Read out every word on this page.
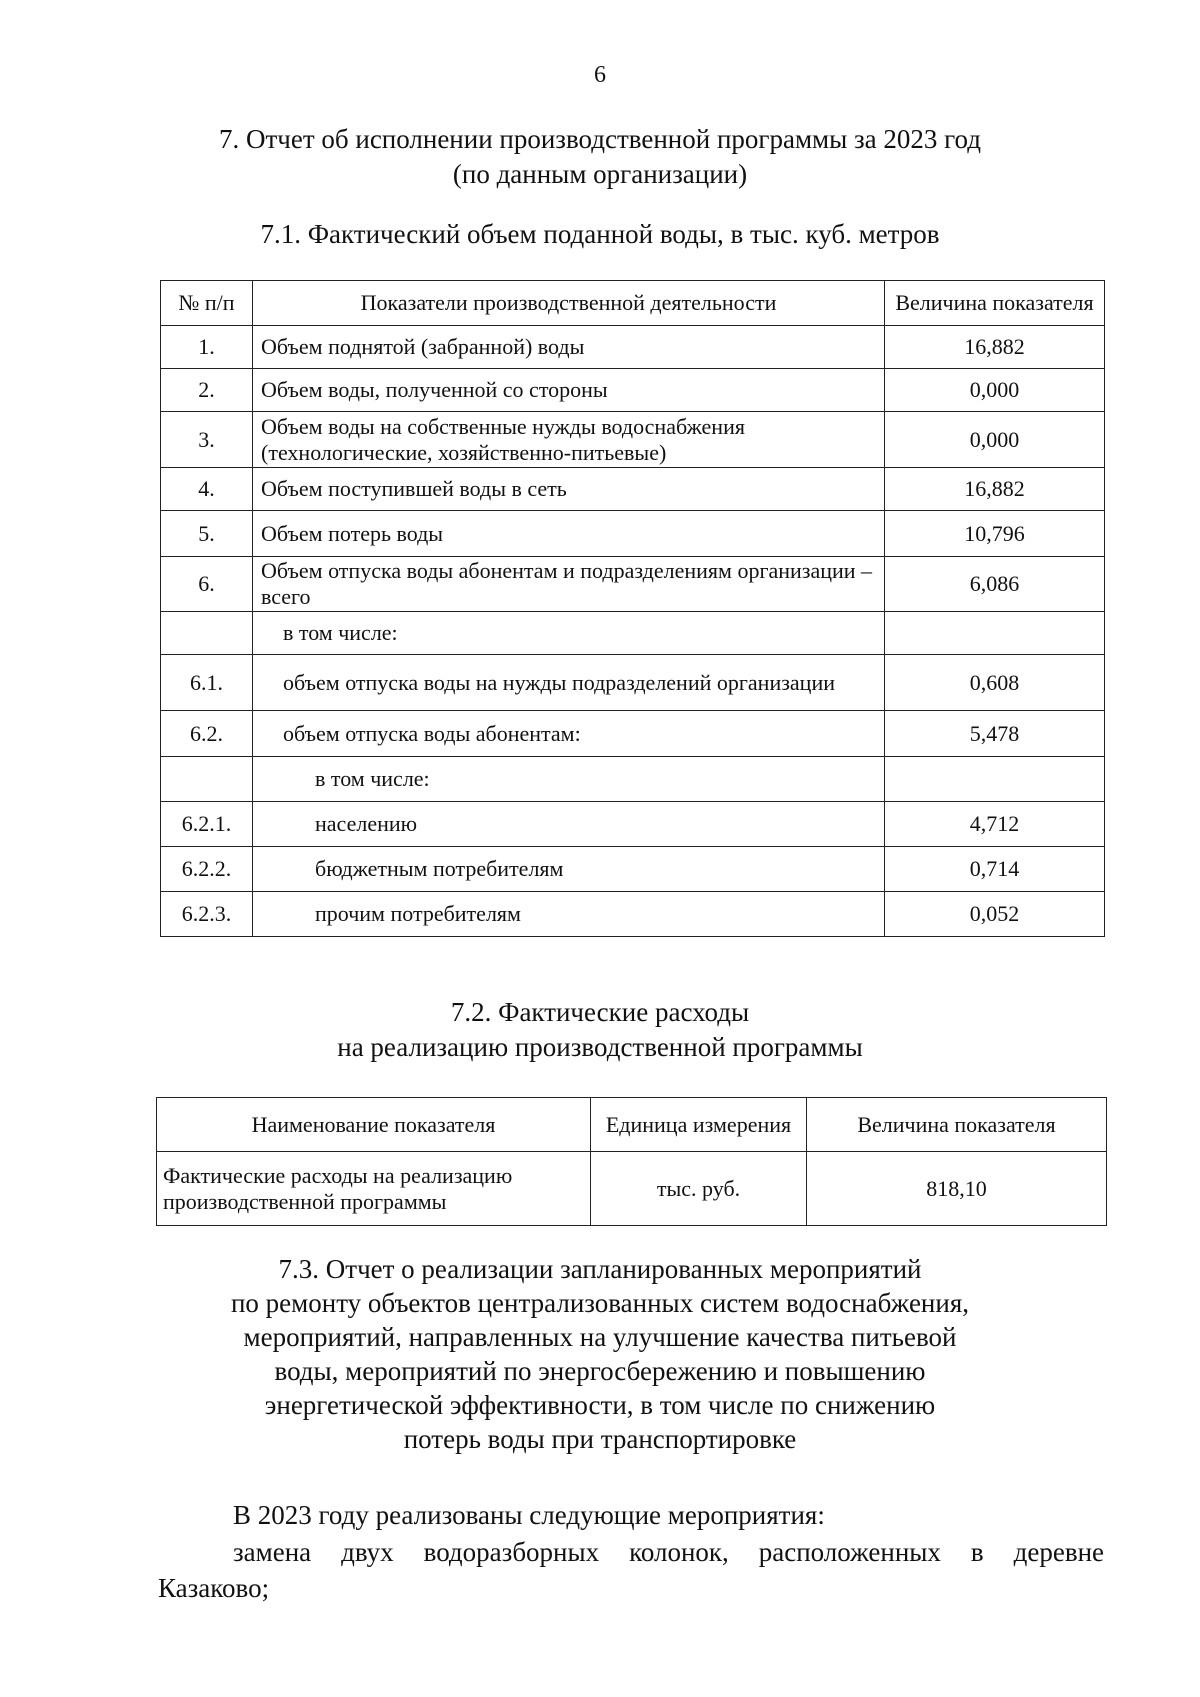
6
7. Отчет об исполнении производственной программы за 2023 год
(по данным организации)
7.1. Фактический объем поданной воды, в тыс. куб. метров
№ п/п	Показатели производственной деятельности	Величина показателя
1.	Объем поднятой (забранной) воды	16,882
2.	Объем воды, полученной со стороны	0,000
3.	Объем воды на собственные нужды водоснабжения (технологические, хозяйственно-питьевые)	0,000
4.	Объем поступившей воды в сеть	16,882
5.	Объем потерь воды	10,796
6.	Объем отпуска воды абонентам и подразделениям организации – всего	6,086
	в том числе:	
6.1.	объем отпуска воды на нужды подразделений организации	0,608
6.2.	объем отпуска воды абонентам:	5,478
	в том числе:	
6.2.1.	населению	4,712
6.2.2.	бюджетным потребителям	0,714
6.2.3.	прочим потребителям	0,052
7.2. Фактические расходы
на реализацию производственной программы
Наименование показателя	Единица измерения	Величина показателя
Фактические расходы на реализацию производственной программы	тыс. руб.	818,10
7.3. Отчет о реализации запланированных мероприятий
по ремонту объектов централизованных систем водоснабжения,
мероприятий, направленных на улучшение качества питьевой
воды, мероприятий по энергосбережению и повышению
энергетической эффективности, в том числе по снижению
потерь воды при транспортировке
В 2023 году реализованы следующие мероприятия:
замена двух водоразборных колонок, расположенных в деревне
Казаково;
